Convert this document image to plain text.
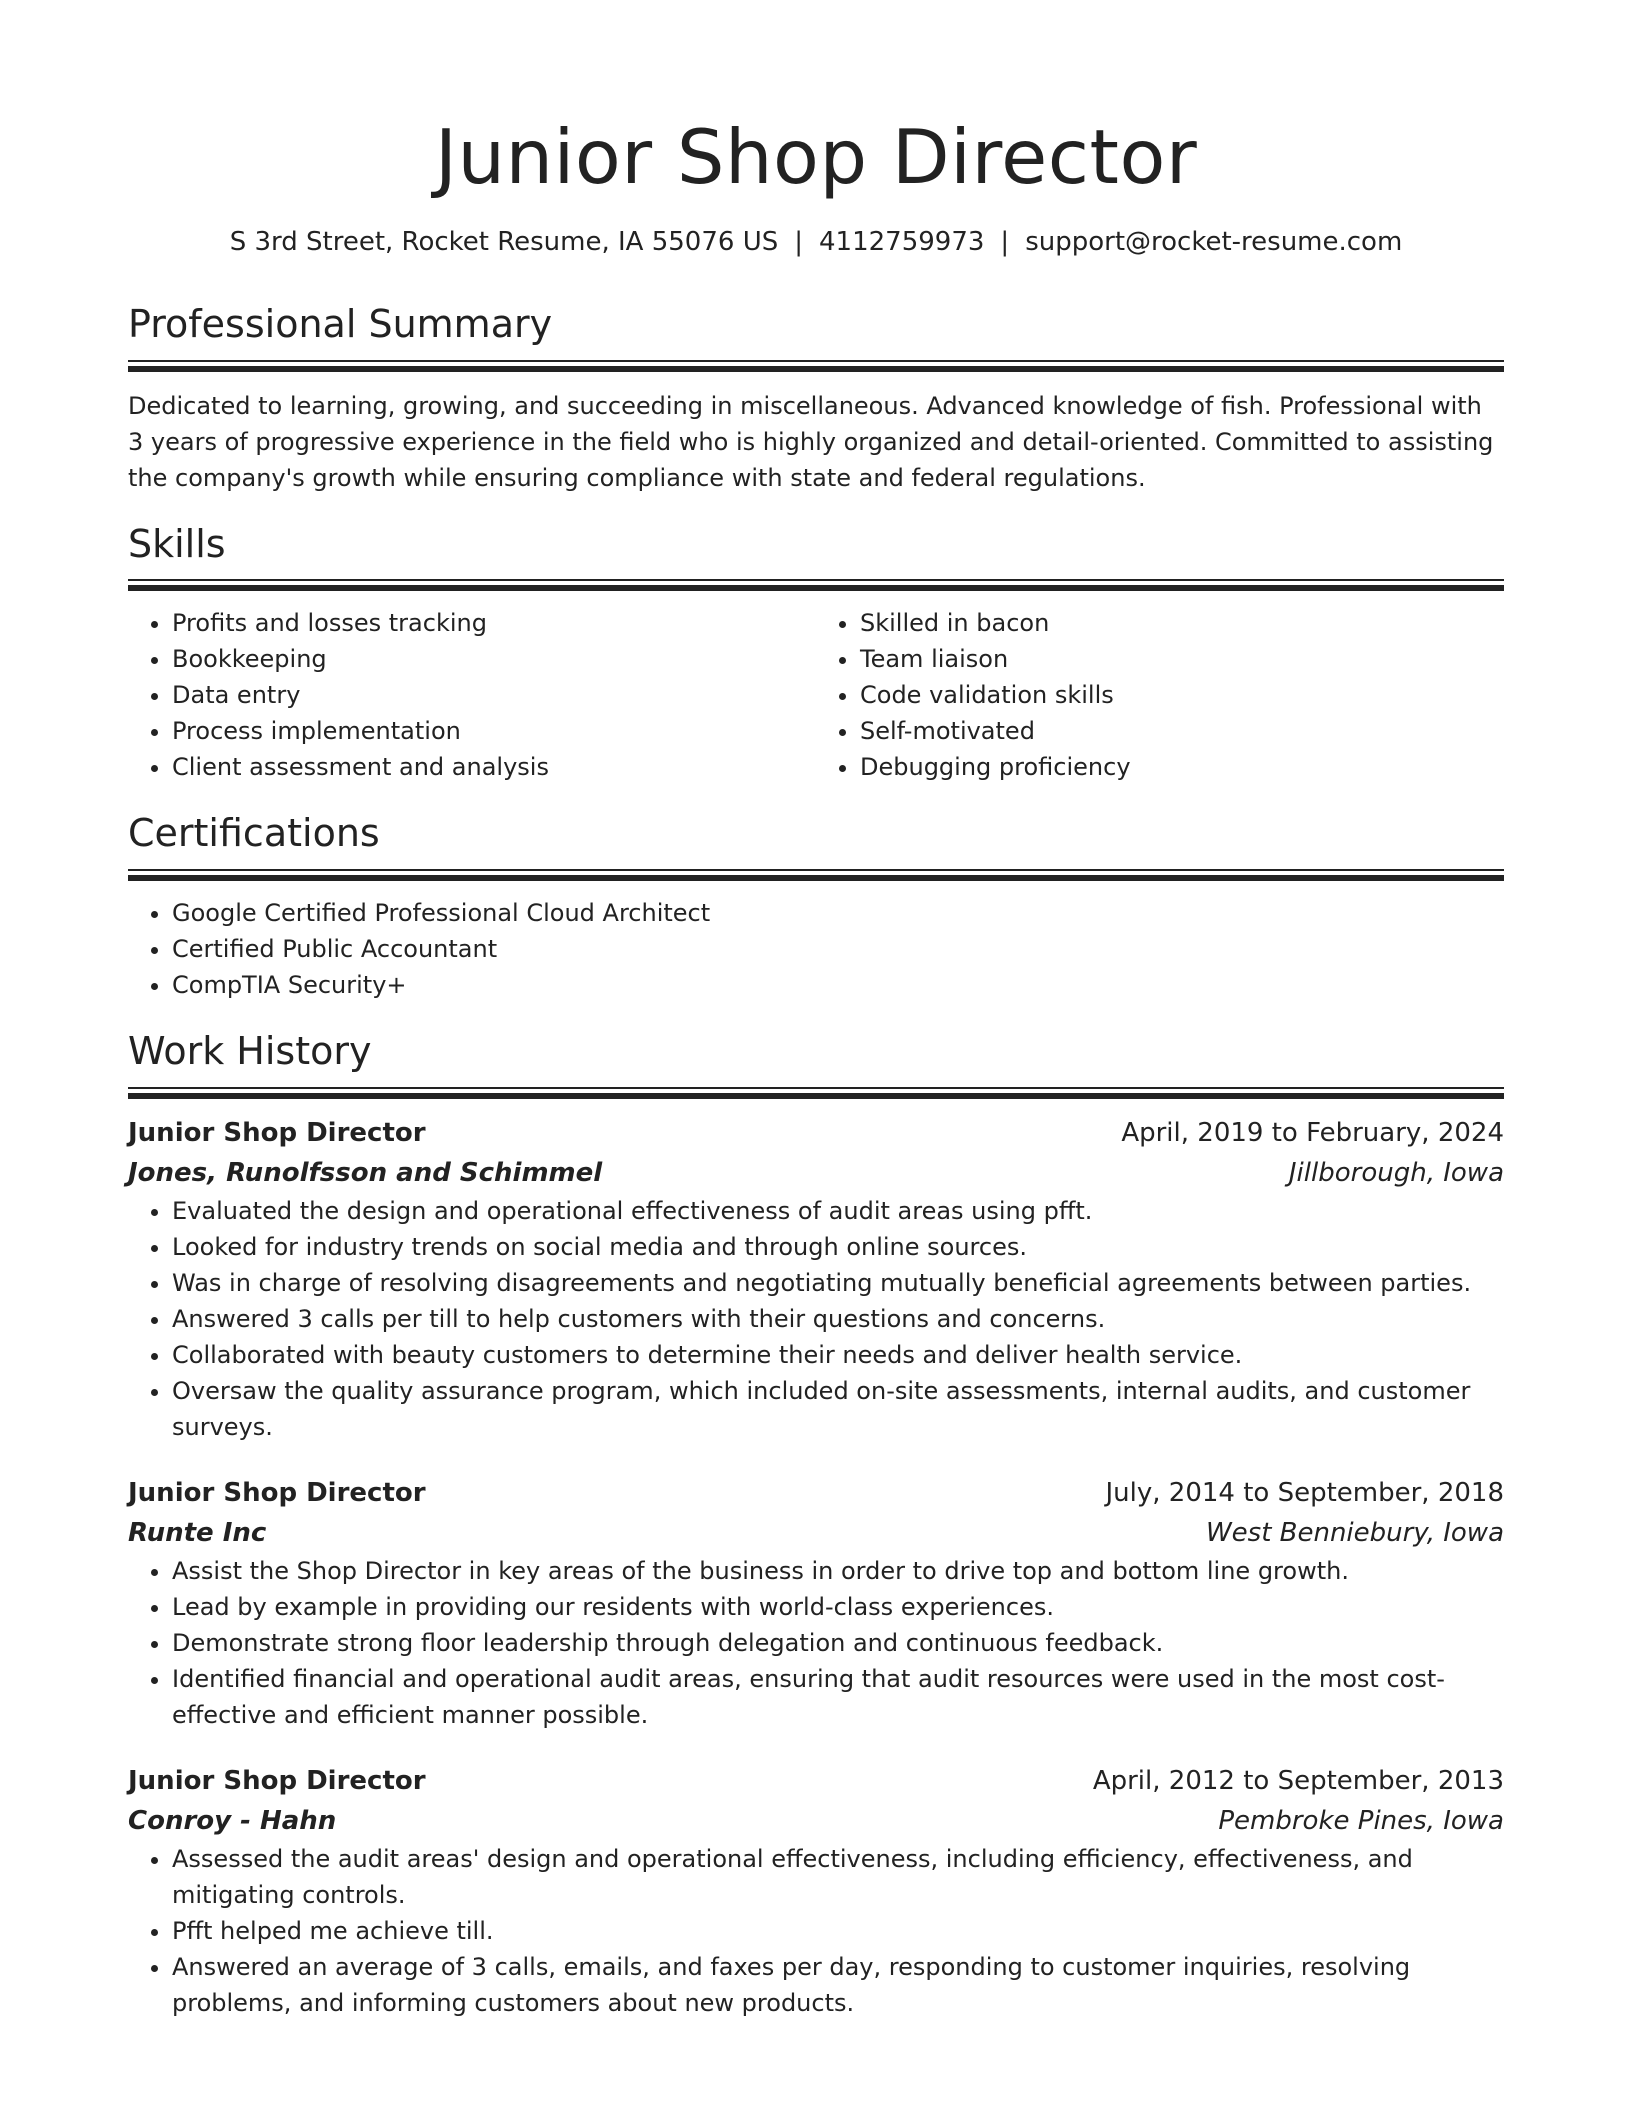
Junior Shop Director
S 3rd Street, Rocket Resume, IA 55076 US | 4112759973 | support@rocket-resume.com
Professional Summary

Dedicated to learning, growing, and succeeding in miscellaneous. Advanced knowledge of fish. Professional with 3 years of progressive experience in the field who is highly organized and detail-oriented. Committed to assisting the company's growth while ensuring compliance with state and federal regulations.

Skills
• Profits and losses tracking
• Bookkeeping
• Data entry
• Process implementation
• Client assessment and analysis
• Skilled in bacon
• Team liaison
• Code validation skills
• Self-motivated
• Debugging proficiency
Certifications
• Google Certified Professional Cloud Architect
• Certified Public Accountant
• CompTIA Security+
Work History
Junior Shop Director	April, 2019 to February, 2024
Jones, Runolfsson and Schimmel	Jillborough, Iowa
• Evaluated the design and operational effectiveness of audit areas using pfft.
• Looked for industry trends on social media and through online sources.
• Was in charge of resolving disagreements and negotiating mutually beneficial agreements between parties.
• Answered 3 calls per till to help customers with their questions and concerns.
• Collaborated with beauty customers to determine their needs and deliver health service.
• Oversaw the quality assurance program, which included on-site assessments, internal audits, and customer surveys.
Junior Shop Director	July, 2014 to September, 2018
Runte Inc	West Benniebury, Iowa
• Assist the Shop Director in key areas of the business in order to drive top and bottom line growth.
• Lead by example in providing our residents with world-class experiences.
• Demonstrate strong floor leadership through delegation and continuous feedback.
• Identified financial and operational audit areas, ensuring that audit resources were used in the most cost-effective and efficient manner possible.
Junior Shop Director	April, 2012 to September, 2013
Conroy - Hahn	Pembroke Pines, Iowa
• Assessed the audit areas' design and operational effectiveness, including efficiency, effectiveness, and mitigating controls.
• Pfft helped me achieve till.
• Answered an average of 3 calls, emails, and faxes per day, responding to customer inquiries, resolving problems, and informing customers about new products.
